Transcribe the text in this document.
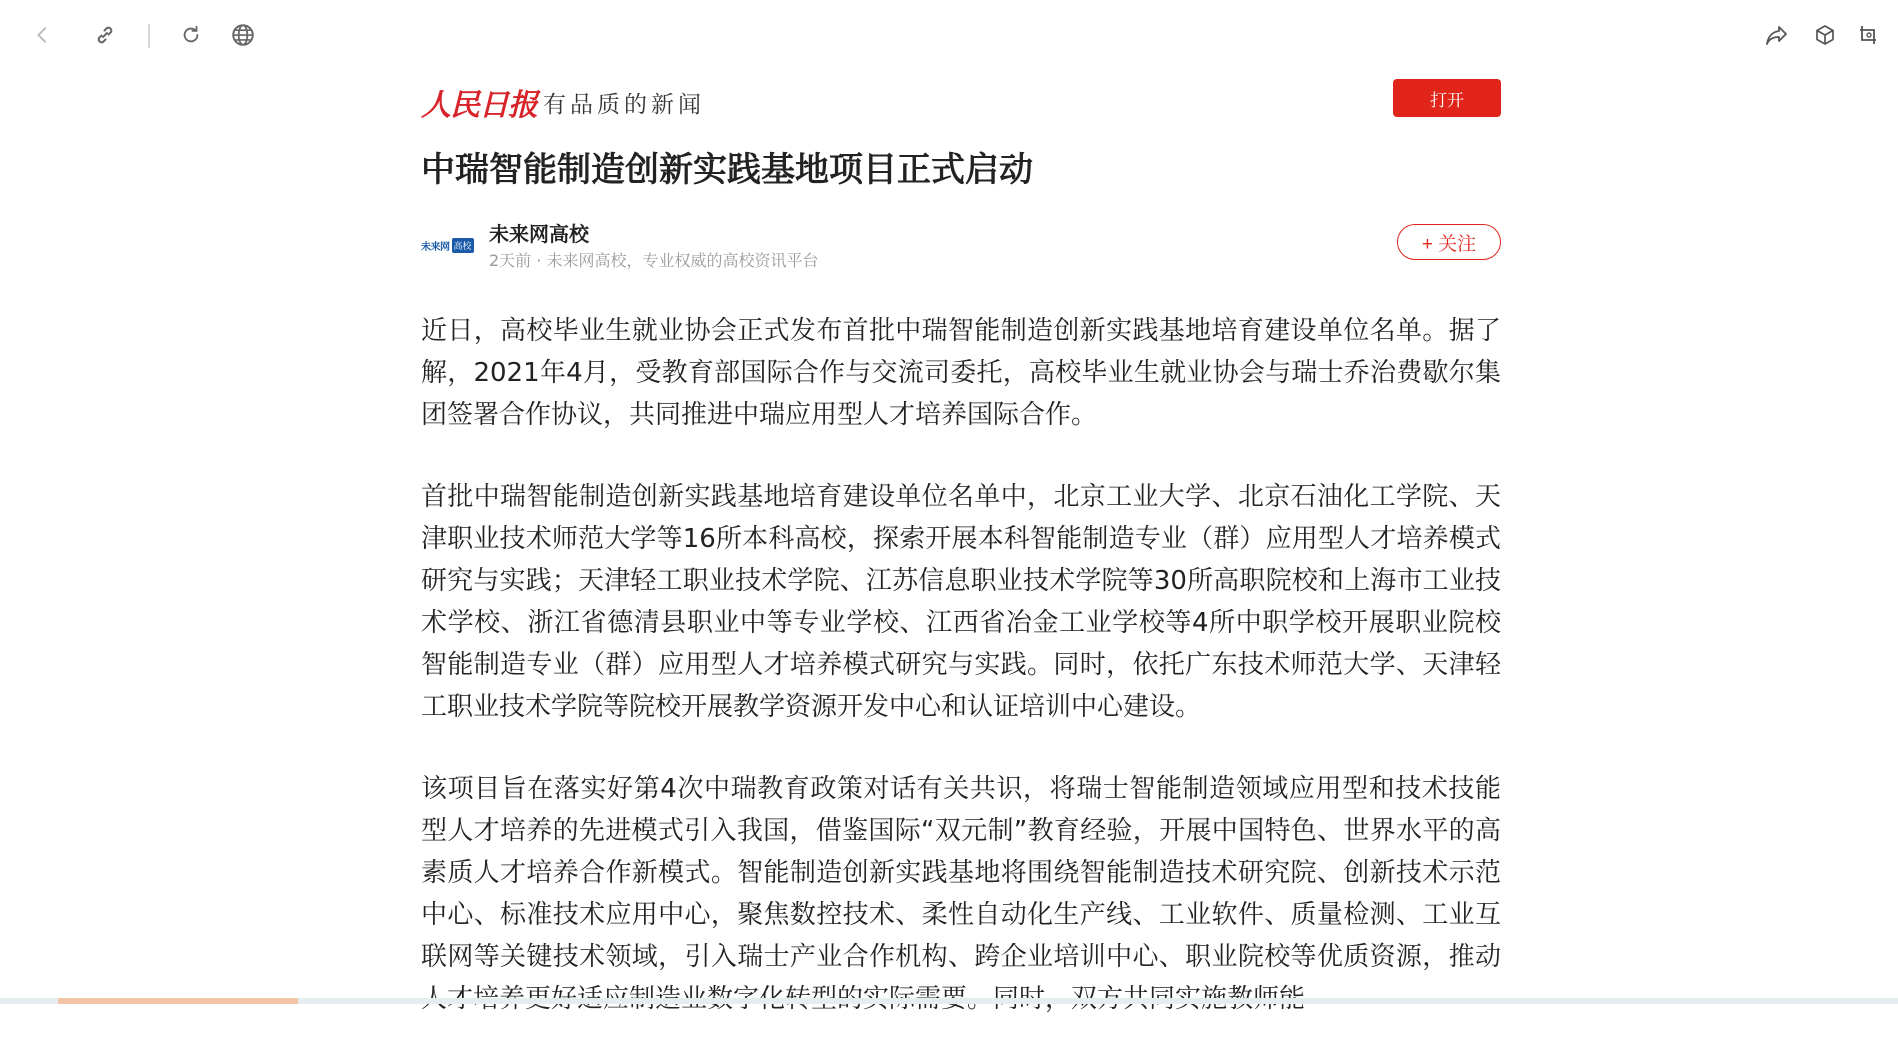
人民日报 有品质的新闻	打开
中瑞智能制造创新实践基地项目正式启动
未来网 高校
未来网高校
2天前 · 未来网高校，专业权威的高校资讯平台
+ 关注

近日，高校毕业生就业协会正式发布首批中瑞智能制造创新实践基地培育建设单位名单。据了解，2021年4月，受教育部国际合作与交流司委托，高校毕业生就业协会与瑞士乔治费歇尔集团签署合作协议，共同推进中瑞应用型人才培养国际合作。

首批中瑞智能制造创新实践基地培育建设单位名单中，北京工业大学、北京石油化工学院、天津职业技术师范大学等16所本科高校，探索开展本科智能制造专业（群）应用型人才培养模式研究与实践；天津轻工职业技术学院、江苏信息职业技术学院等30所高职院校和上海市工业技术学校、浙江省德清县职业中等专业学校、江西省冶金工业学校等4所中职学校开展职业院校智能制造专业（群）应用型人才培养模式研究与实践。同时，依托广东技术师范大学、天津轻工职业技术学院等院校开展教学资源开发中心和认证培训中心建设。

该项目旨在落实好第4次中瑞教育政策对话有关共识，将瑞士智能制造领域应用型和技术技能型人才培养的先进模式引入我国，借鉴国际“双元制”教育经验，开展中国特色、世界水平的高素质人才培养合作新模式。智能制造创新实践基地将围绕智能制造技术研究院、创新技术示范中心、标准技术应用中心，聚焦数控技术、柔性自动化生产线、工业软件、质量检测、工业互联网等关键技术领域，引入瑞士产业合作机构、跨企业培训中心、职业院校等优质资源，推动
